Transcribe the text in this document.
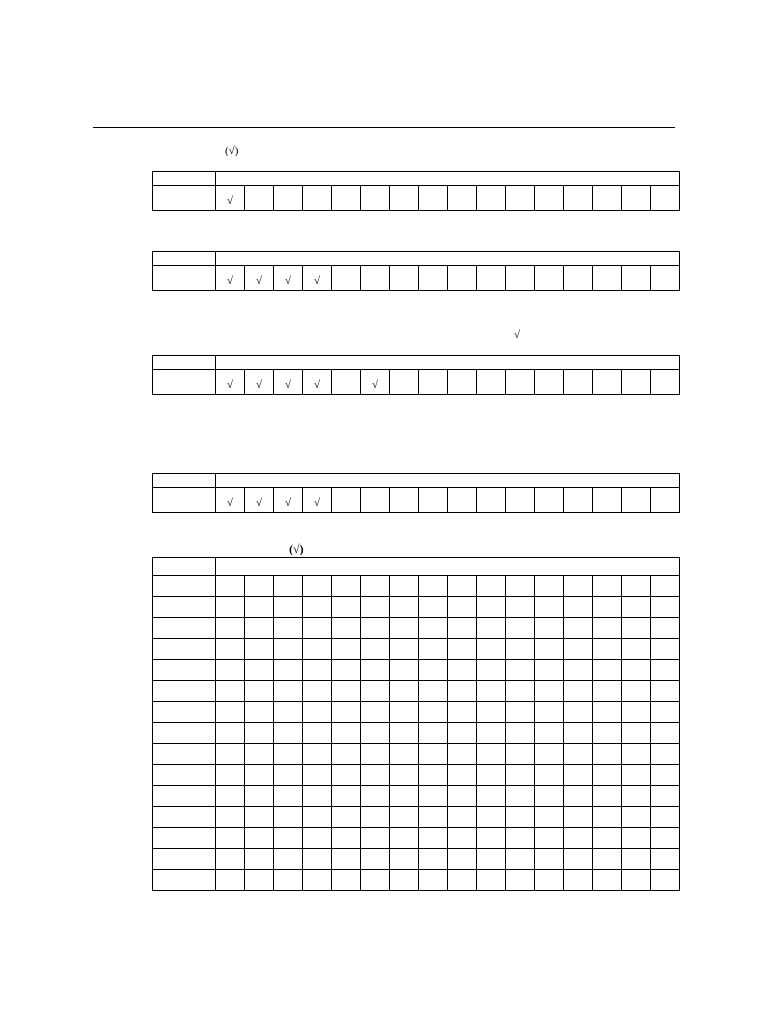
(√)
√
(√)

	√															

	√	√	√	√												

	√	√	√	√		√										

	√	√	√	√												
